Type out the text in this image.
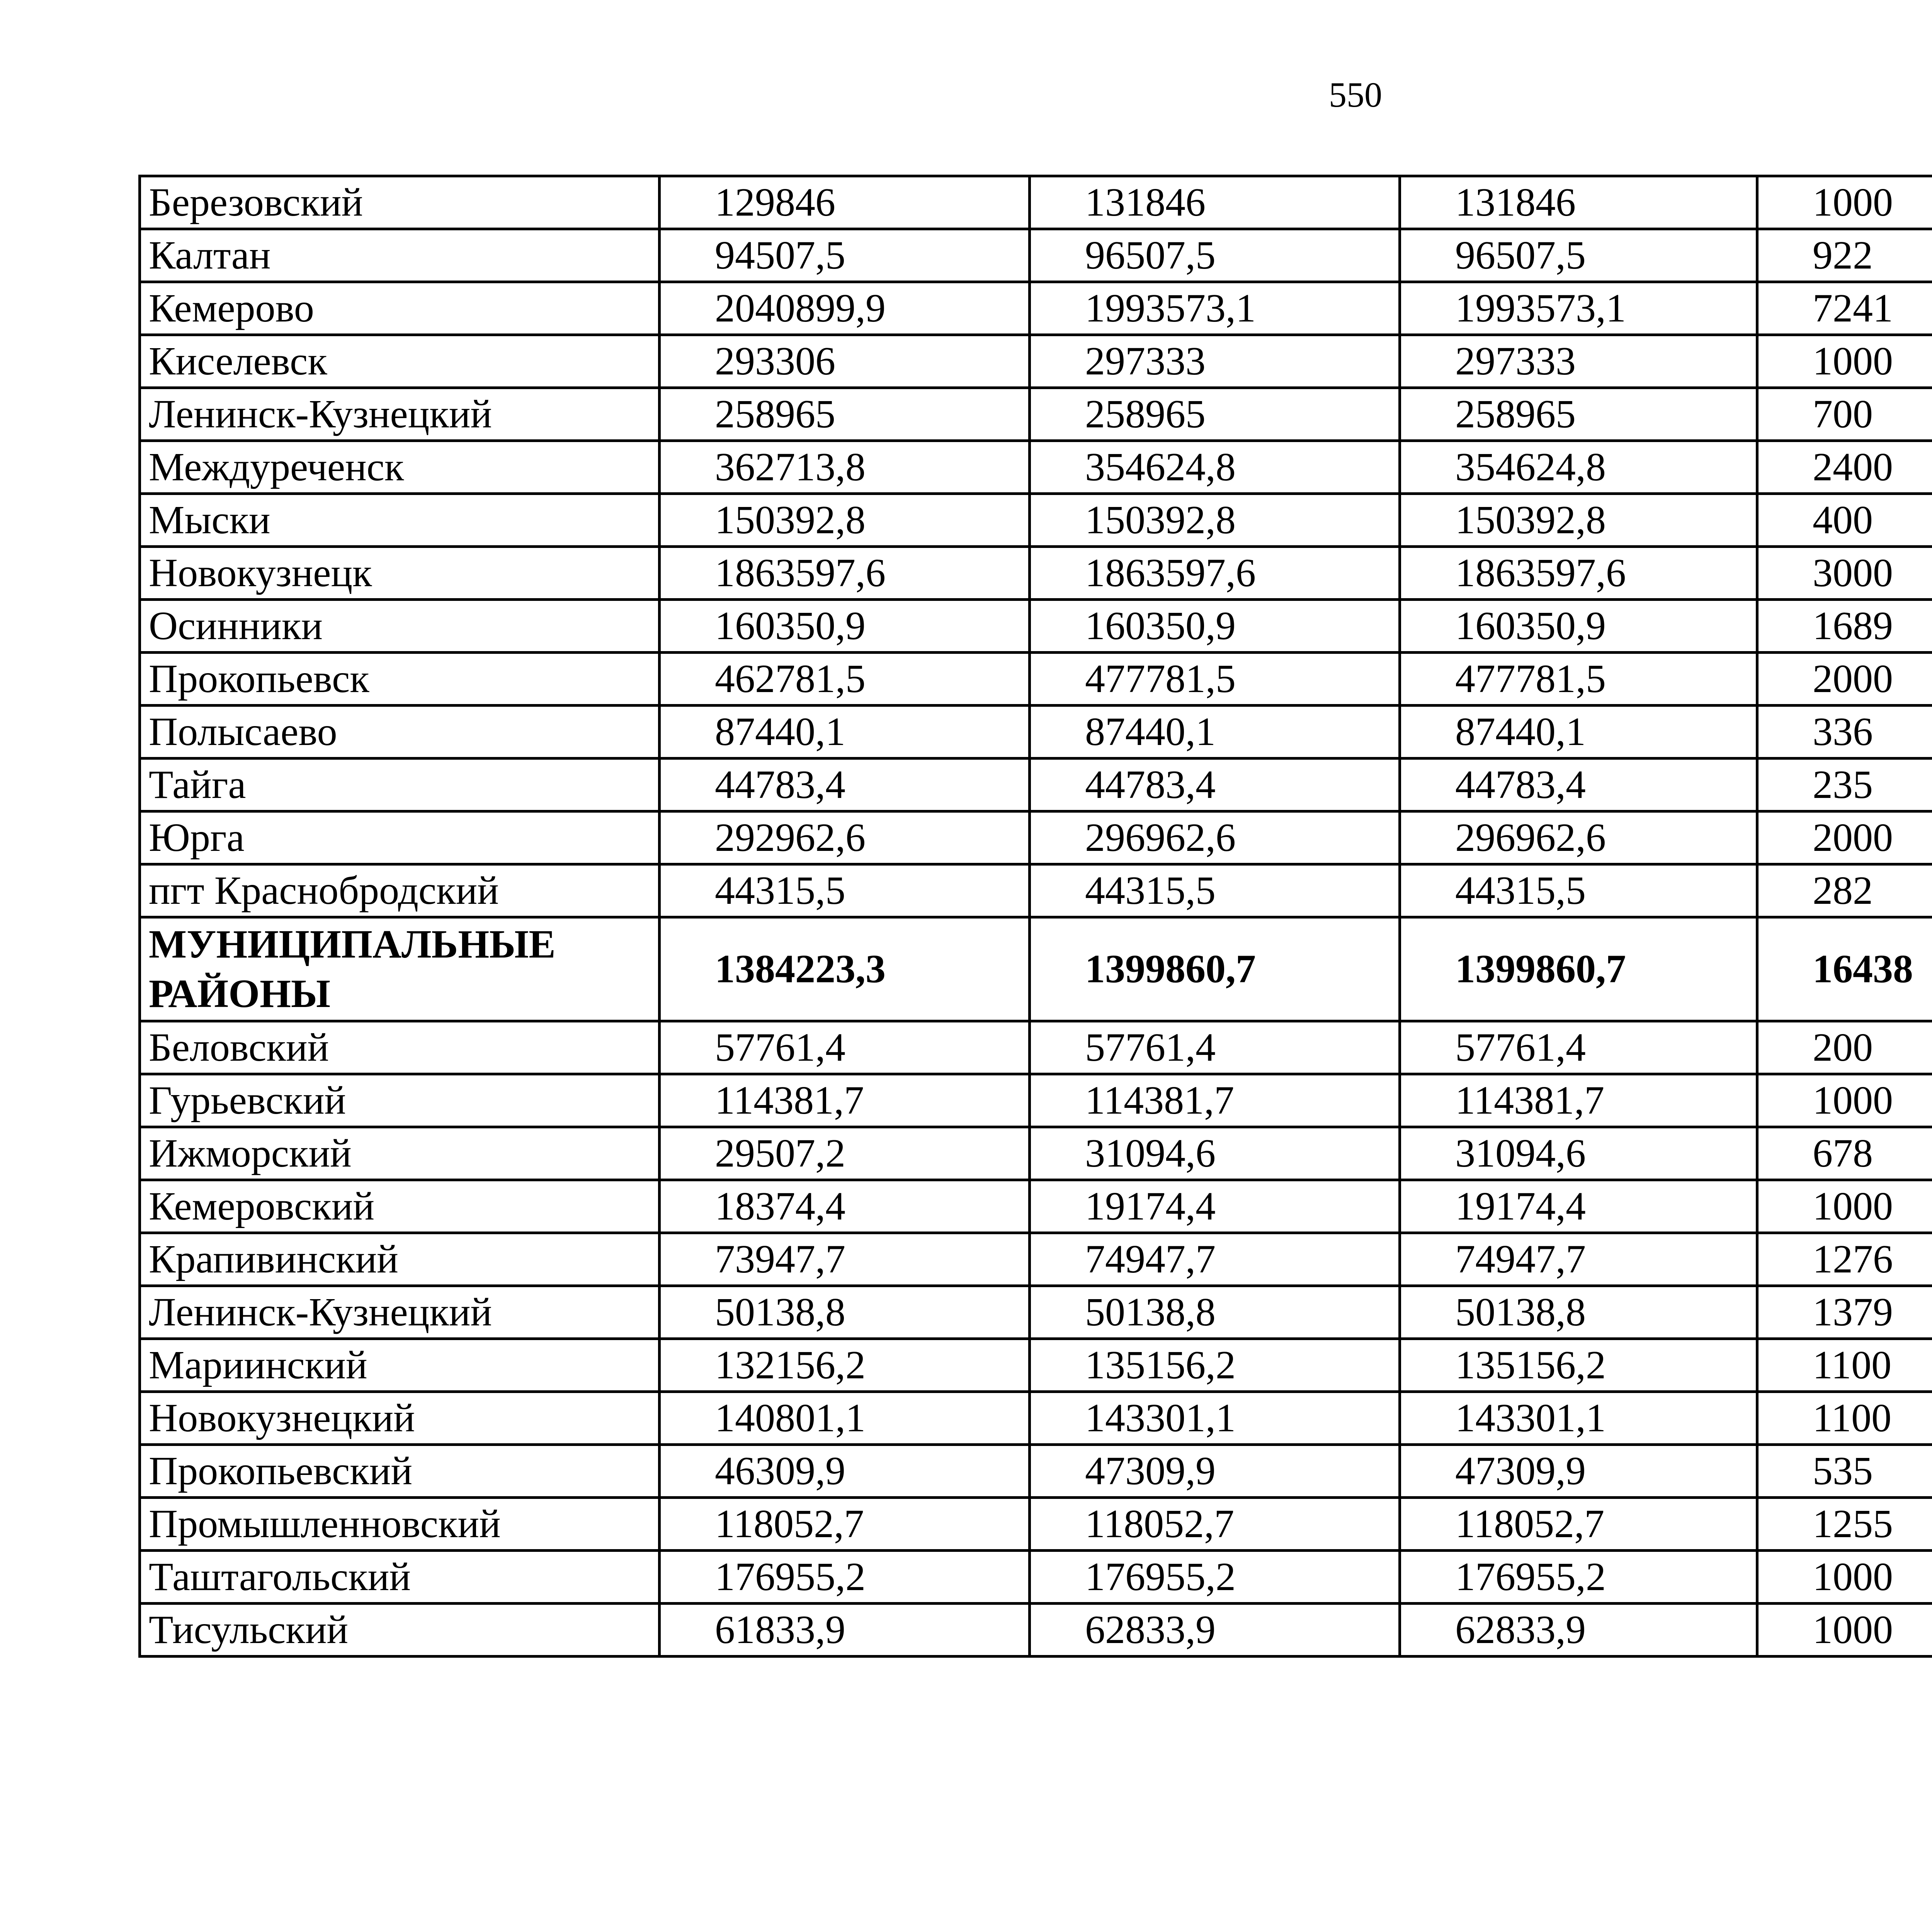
550
Березовский	129846	131846	131846	1000		
Калтан	94507,5	96507,5	96507,5	922		
Кемерово	2040899,9	1993573,1	1993573,1	7241		
Киселевск	293306	297333	297333	1000		
Ленинск-Кузнецкий	258965	258965	258965	700		
Междуреченск	362713,8	354624,8	354624,8	2400		
Мыски	150392,8	150392,8	150392,8	400		
Новокузнецк	1863597,6	1863597,6	1863597,6	3000		
Осинники	160350,9	160350,9	160350,9	1689		
Прокопьевск	462781,5	477781,5	477781,5	2000		
Полысаево	87440,1	87440,1	87440,1	336		
Тайга	44783,4	44783,4	44783,4	235		
Юрга	292962,6	296962,6	296962,6	2000		
пгт Краснобродский	44315,5	44315,5	44315,5	282		
МУНИЦИПАЛЬНЫЕ РАЙОНЫ	1384223,3	1399860,7	1399860,7	16438		
Беловский	57761,4	57761,4	57761,4	200		
Гурьевский	114381,7	114381,7	114381,7	1000		
Ижморский	29507,2	31094,6	31094,6	678		
Кемеровский	18374,4	19174,4	19174,4	1000		
Крапивинский	73947,7	74947,7	74947,7	1276		
Ленинск-Кузнецкий	50138,8	50138,8	50138,8	1379		
Мариинский	132156,2	135156,2	135156,2	1100		
Новокузнецкий	140801,1	143301,1	143301,1	1100		
Прокопьевский	46309,9	47309,9	47309,9	535		
Промышленновский	118052,7	118052,7	118052,7	1255		
Таштагольский	176955,2	176955,2	176955,2	1000		
Тисульский	61833,9	62833,9	62833,9	1000		
